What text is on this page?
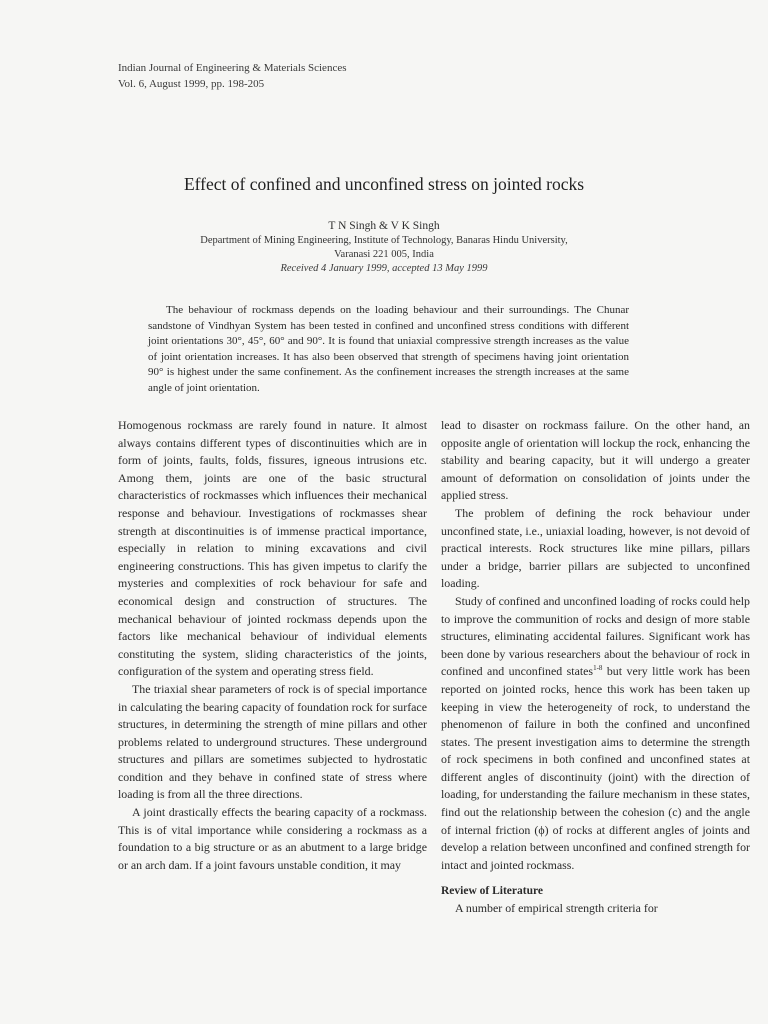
Indian Journal of Engineering & Materials Sciences
Vol. 6, August 1999, pp. 198-205
Effect of confined and unconfined stress on jointed rocks
T N Singh & V K Singh
Department of Mining Engineering, Institute of Technology, Banaras Hindu University,
Varanasi 221 005, India
Received 4 January 1999, accepted 13 May 1999
The behaviour of rockmass depends on the loading behaviour and their surroundings. The Chunar sandstone of Vindhyan System has been tested in confined and unconfined stress conditions with different joint orientations 30°, 45°, 60° and 90°. It is found that uniaxial compressive strength increases as the value of joint orientation increases. It has also been observed that strength of specimens having joint orientation 90° is highest under the same confinement. As the confinement increases the strength increases at the same angle of joint orientation.

Homogenous rockmass are rarely found in nature. It almost always contains different types of discontinuities which are in form of joints, faults, folds, fissures, igneous intrusions etc. Among them, joints are one of the basic structural characteristics of rockmasses which influences their mechanical response and behaviour. Investigations of rockmasses shear strength at discontinuities is of immense practical importance, especially in relation to mining excavations and civil engineering constructions. This has given impetus to clarify the mysteries and complexities of rock behaviour for safe and economical design and construction of structures. The mechanical behaviour of jointed rockmass depends upon the factors like mechanical behaviour of individual elements constituting the system, sliding characteristics of the joints, configuration of the system and operating stress field.

The triaxial shear parameters of rock is of special importance in calculating the bearing capacity of foundation rock for surface structures, in determining the strength of mine pillars and other problems related to underground structures. These underground structures and pillars are sometimes subjected to hydrostatic condition and they behave in confined state of stress where loading is from all the three directions.

A joint drastically effects the bearing capacity of a rockmass. This is of vital importance while considering a rockmass as a foundation to a big structure or as an abutment to a large bridge or an arch dam. If a joint favours unstable condition, it may

lead to disaster on rockmass failure. On the other hand, an opposite angle of orientation will lockup the rock, enhancing the stability and bearing capacity, but it will undergo a greater amount of deformation on consolidation of joints under the applied stress.

The problem of defining the rock behaviour under unconfined state, i.e., uniaxial loading, however, is not devoid of practical interests. Rock structures like mine pillars, pillars under a bridge, barrier pillars are subjected to unconfined loading.

Study of confined and unconfined loading of rocks could help to improve the communition of rocks and design of more stable structures, eliminating accidental failures. Significant work has been done by various researchers about the behaviour of rock in confined and unconfined states$^{1-8}$ but very little work has been reported on jointed rocks, hence this work has been taken up keeping in view the heterogeneity of rock, to understand the phenomenon of failure in both the confined and unconfined states. The present investigation aims to determine the strength of rock specimens in both confined and unconfined states at different angles of discontinuity (joint) with the direction of loading, for understanding the failure mechanism in these states, find out the relationship between the cohesion (c) and the angle of internal friction (ϕ) of rocks at different angles of joints and develop a relation between unconfined and confined strength for intact and jointed rockmass.

Review of Literature

A number of empirical strength criteria for
